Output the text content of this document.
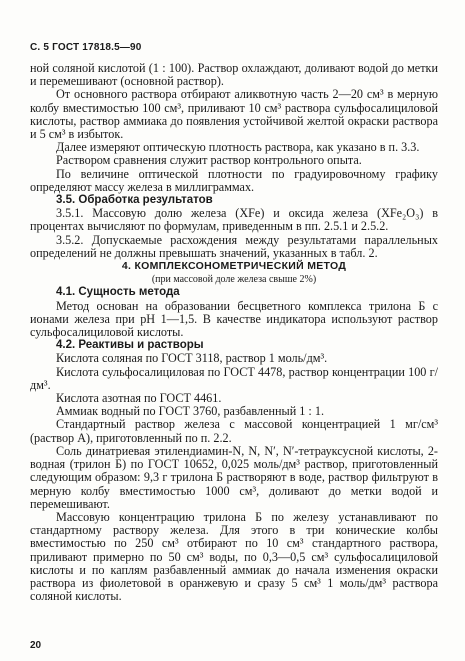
С. 5 ГОСТ 17818.5—90

ной соляной кислотой (1 : 100). Раствор охлаждают, доливают водой до метки и перемешивают (основной раствор).

От основного раствора отбирают аликвотную часть 2—20 см³ в мерную колбу вместимостью 100 см³, приливают 10 см³ раствора сульфосалициловой кислоты, раствор аммиака до появления устойчивой желтой окраски раствора и 5 см³ в избыток.

Далее измеряют оптическую плотность раствора, как указано в п. 3.3.

Раствором сравнения служит раствор контрольного опыта.

По величине оптической плотности по градуировочному графику определяют массу железа в миллиграммах.

3.5. Обработка результатов

3.5.1. Массовую долю железа (XFe) и оксида железа (XFe₂O₃) в процентах вычисляют по формулам, приведенным в пп. 2.5.1 и 2.5.2.

3.5.2. Допускаемые расхождения между результатами параллельных определений не должны превышать значений, указанных в табл. 2.

4. КОМПЛЕКСОНОМЕТРИЧЕСКИЙ МЕТОД

(при массовой доле железа свыше 2%)

4.1. Сущность метода

Метод основан на образовании бесцветного комплекса трилона Б с ионами железа при pH 1—1,5. В качестве индикатора используют раствор сульфосалициловой кислоты.

4.2. Реактивы и растворы

Кислота соляная по ГОСТ 3118, раствор 1 моль/дм³.

Кислота сульфосалициловая по ГОСТ 4478, раствор концентрации 100 г/дм³.

Кислота азотная по ГОСТ 4461.

Аммиак водный по ГОСТ 3760, разбавленный 1 : 1.

Стандартный раствор железа с массовой концентрацией 1 мг/см³ (раствор А), приготовленный по п. 2.2.

Соль динатриевая этилендиамин-N, N, N′, N′-тетрауксусной кислоты, 2-водная (трилон Б) по ГОСТ 10652, 0,025 моль/дм³ раствор, приготовленный следующим образом: 9,3 г трилона Б растворяют в воде, раствор фильтруют в мерную колбу вместимостью 1000 см³, доливают до метки водой и перемешивают.

Массовую концентрацию трилона Б по железу устанавливают по стандартному раствору железа. Для этого в три конические колбы вместимостью по 250 см³ отбирают по 10 см³ стандартного раствора, приливают примерно по 50 см³ воды, по 0,3—0,5 см³ сульфосалициловой кислоты и по каплям разбавленный аммиак до начала изменения окраски раствора из фиолетовой в оранжевую и сразу 5 см³ 1 моль/дм³ раствора соляной кислоты.

20
